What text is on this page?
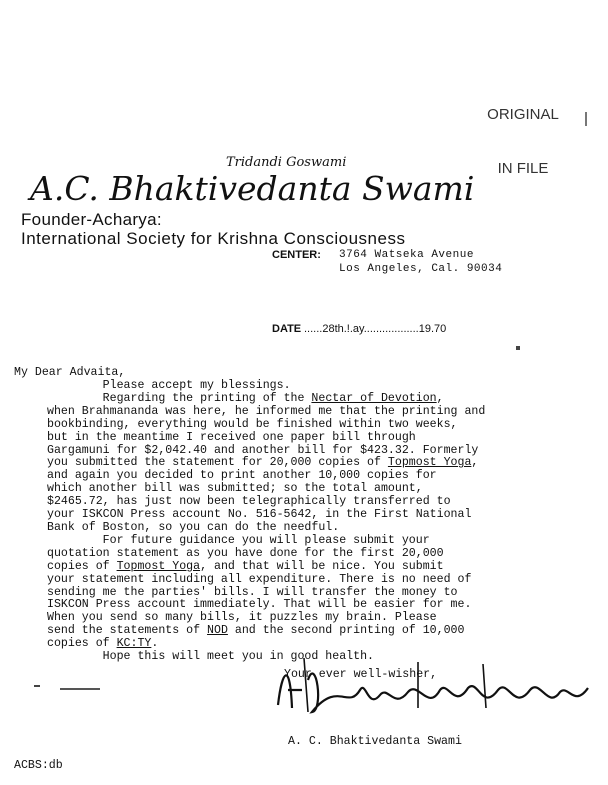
ORIGINAL

IN FILE

Tridandi Goswami
A.C. Bhaktivedanta Swami
Founder-Acharya:
International Society for Krishna Consciousness
CENTER: 3764 Watseka Avenue
Los Angeles, Cal. 90034
DATE ......28th.!.ay..................19.70
My Dear Advaita,
Please accept my blessings.
Regarding the printing of the Nectar of Devotion,
when Brahmananda was here, he informed me that the printing and
bookbinding, everything would be finished within two weeks,
but in the meantime I received one paper bill through
Gargamuni for $2,042.40 and another bill for $423.32. Formerly
you submitted the statement for 20,000 copies of Topmost Yoga,
and again you decided to print another 10,000 copies for
which another bill was submitted; so the total amount,
$2465.72, has just now been telegraphically transferred to
your ISKCON Press account No. 516-5642, in the First National
Bank of Boston, so you can do the needful.
For future guidance you will please submit your
quotation statement as you have done for the first 20,000
copies of Topmost Yoga, and that will be nice. You submit
your statement including all expenditure. There is no need of
sending me the parties' bills. I will transfer the money to
ISKCON Press account immediately. That will be easier for me.
When you send so many bills, it puzzles my brain. Please
send the statements of NOD and the second printing of 10,000
copies of KC:TY.
Hope this will meet you in good health.
Your ever well-wisher,
A. C. Bhaktivedanta Swami
ACBS:db
